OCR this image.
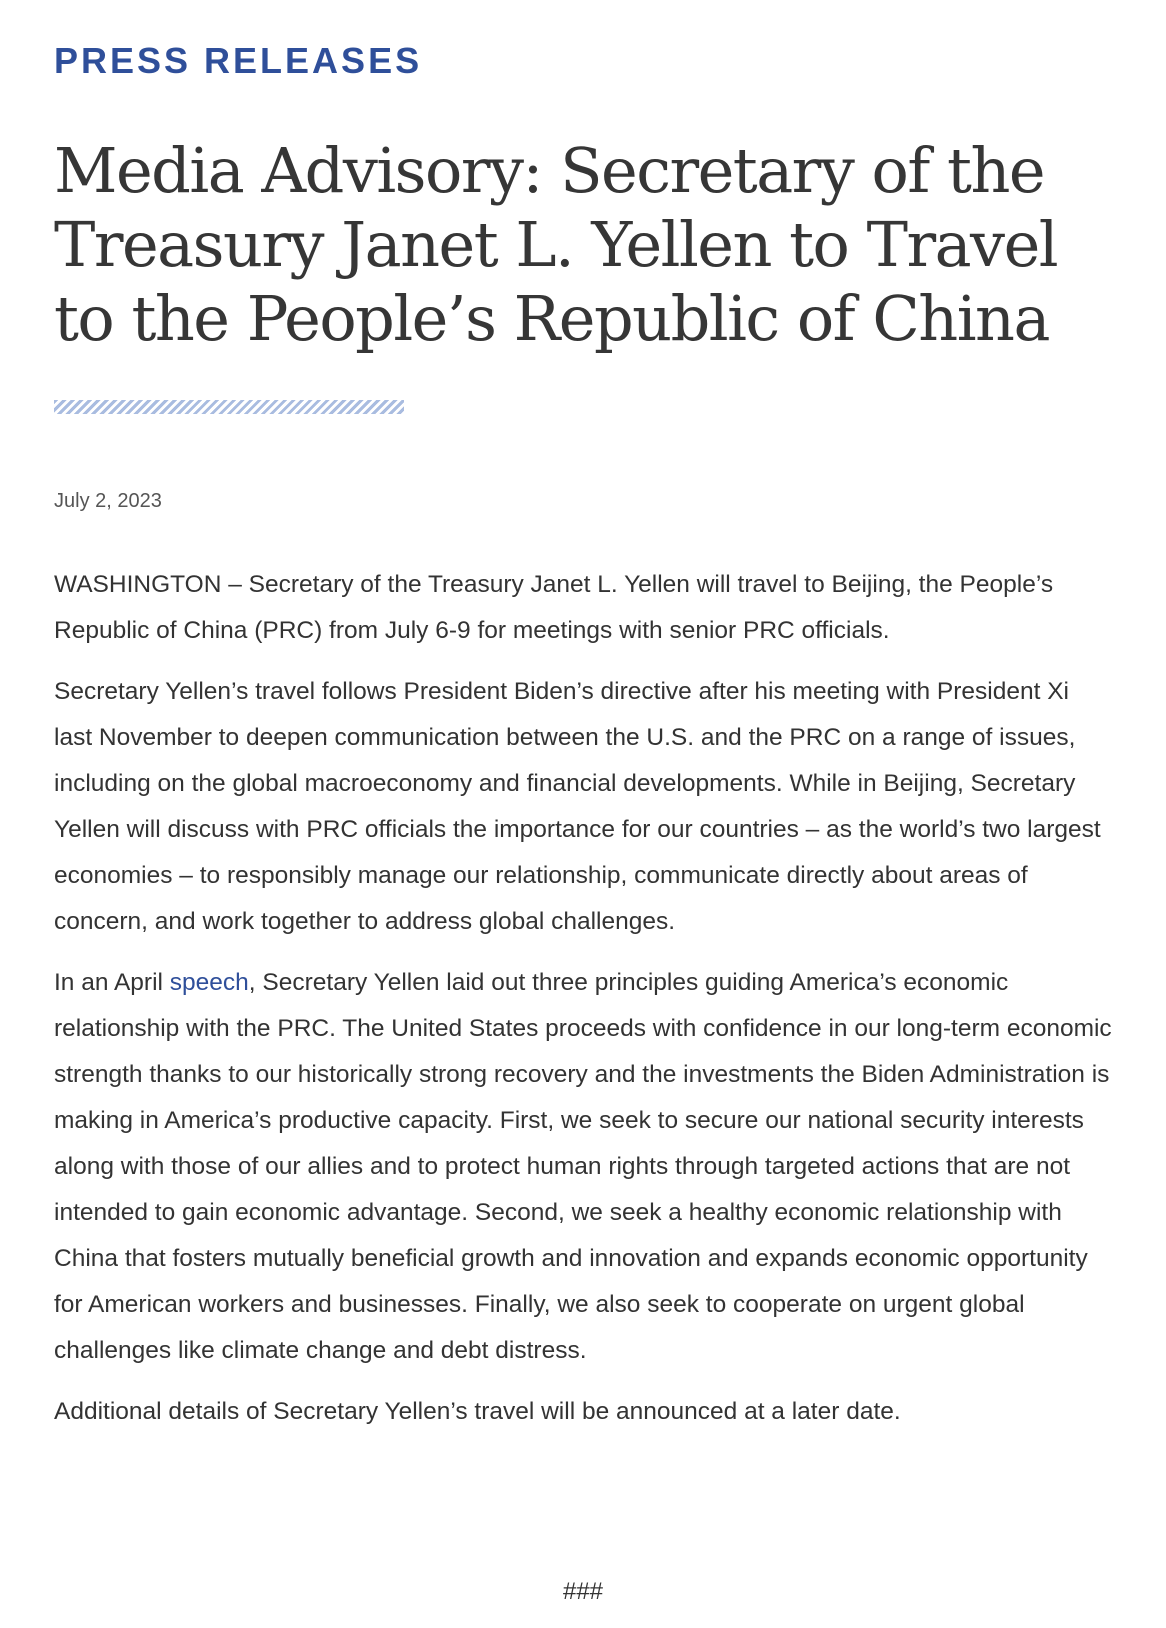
PRESS RELEASES
Media Advisory: Secretary of the Treasury Janet L. Yellen to Travel to the People’s Republic of China
July 2, 2023

WASHINGTON – Secretary of the Treasury Janet L. Yellen will travel to Beijing, the People’s Republic of China (PRC) from July 6-9 for meetings with senior PRC officials.

Secretary Yellen’s travel follows President Biden’s directive after his meeting with President Xi last November to deepen communication between the U.S. and the PRC on a range of issues, including on the global macroeconomy and financial developments. While in Beijing, Secretary Yellen will discuss with PRC officials the importance for our countries – as the world’s two largest economies – to responsibly manage our relationship, communicate directly about areas of concern, and work together to address global challenges.

In an April speech, Secretary Yellen laid out three principles guiding America’s economic relationship with the PRC. The United States proceeds with confidence in our long-term economic strength thanks to our historically strong recovery and the investments the Biden Administration is making in America’s productive capacity. First, we seek to secure our national security interests along with those of our allies and to protect human rights through targeted actions that are not intended to gain economic advantage. Second, we seek a healthy economic relationship with China that fosters mutually beneficial growth and innovation and expands economic opportunity for American workers and businesses. Finally, we also seek to cooperate on urgent global challenges like climate change and debt distress.

Additional details of Secretary Yellen’s travel will be announced at a later date.

###
